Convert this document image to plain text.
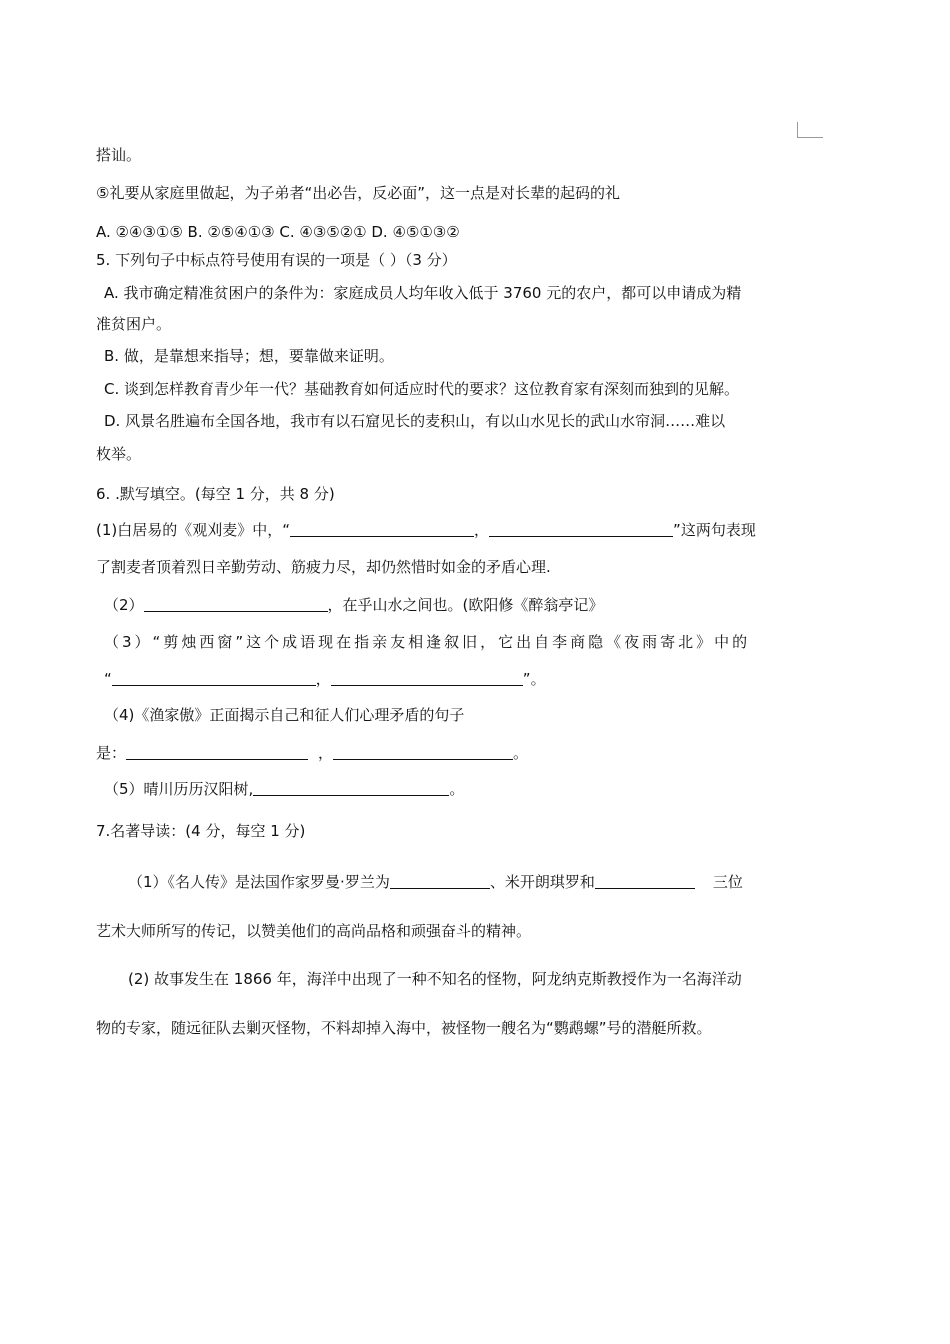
搭讪。
⑤礼要从家庭里做起，为子弟者“出必告，反必面”，这一点是对长辈的起码的礼
A. ②④③①⑤ B. ②⑤④①③ C. ④③⑤②① D. ④⑤①③②
5. 下列句子中标点符号使用有误的一项是（ ）（3 分）
A. 我市确定精准贫困户的条件为：家庭成员人均年收入低于 3760 元的农户，都可以申请成为精
准贫困户。
B. 做，是靠想来指导；想，要靠做来证明。
C. 谈到怎样教育青少年一代？基础教育如何适应时代的要求？这位教育家有深刻而独到的见解。
D. 风景名胜遍布全国各地，我市有以石窟见长的麦积山，有以山水见长的武山水帘洞……难以
枚举。
6. .默写填空。(每空 1 分，共 8 分)
(1)白居易的《观刈麦》中，“	，	”这两句表现
了割麦者顶着烈日辛勤劳动、筋疲力尽，却仍然惜时如金的矛盾心理.
（2）	，在乎山水之间也。(欧阳修《醉翁亭记》
（3）“剪烛西窗”这个成语现在指亲友相逢叙旧，它出自李商隐《夜雨寄北》中的
“	，	”。
（4)《渔家傲》正面揭示自己和征人们心理矛盾的句子
是：	，	。
（5）晴川历历汉阳树,	。
7.名著导读：(4 分，每空 1 分)
（1）《名人传》是法国作家罗曼·罗兰为	、米开朗琪罗和	三位
艺术大师所写的传记，以赞美他们的高尚品格和顽强奋斗的精神。
(2) 故事发生在 1866 年，海洋中出现了一种不知名的怪物，阿龙纳克斯教授作为一名海洋动
物的专家，随远征队去剿灭怪物，不料却掉入海中，被怪物一艘名为“鹦鹉螺”号的潜艇所救。
